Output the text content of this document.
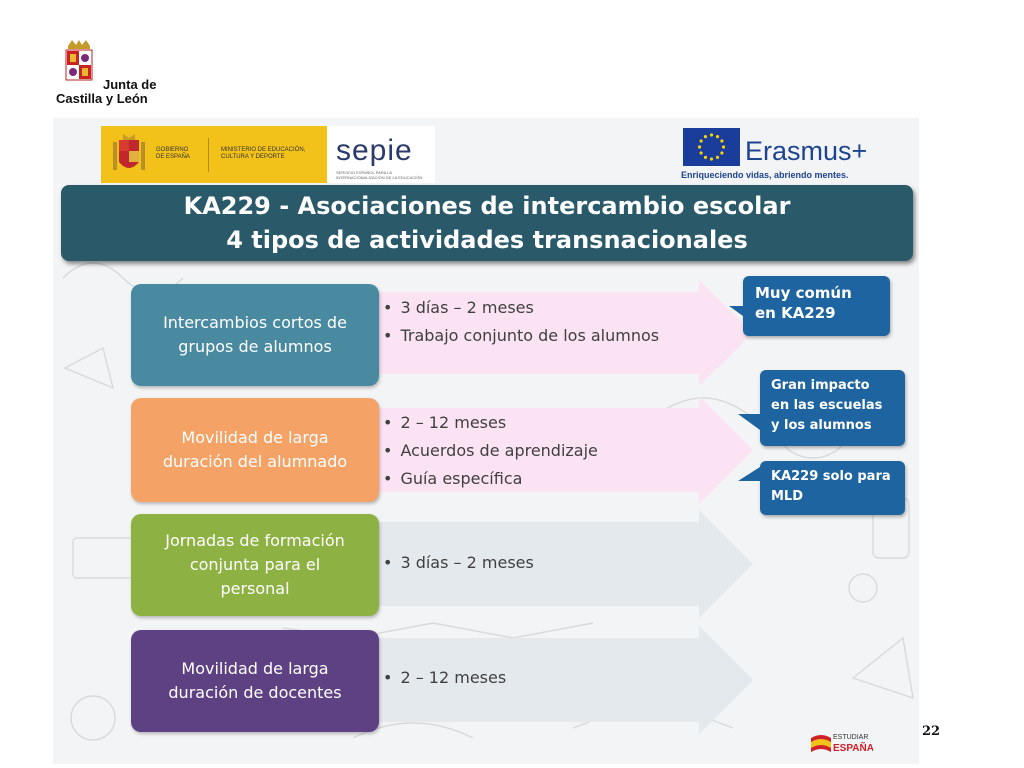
Junta de
Castilla y León
GOBIERNO DE ESPAÑA
MINISTERIO DE EDUCACIÓN, CULTURA Y DEPORTE	sepie
SERVICIO ESPAÑOL PARA LA INTERNACIONALIZACIÓN DE LA EDUCACIÓN
Erasmus+
Enriqueciendo vidas, abriendo mentes.
KA229 - Asociaciones de intercambio escolar
4 tipos de actividades transnacionales
Intercambios cortos de
grupos de alumnos
Movilidad de larga
duración del alumnado
Jornadas de formación
conjunta para el
personal
Movilidad de larga
duración de docentes
• 3 días – 2 meses
• Trabajo conjunto de los alumnos
• 2 – 12 meses
• Acuerdos de aprendizaje
• Guía específica
• 3 días – 2 meses
• 2 – 12 meses
Muy común
en KA229
Gran impacto
en las escuelas
y los alumnos
KA229 solo para
MLD
ESTUDIAR
ESPAÑA
22
